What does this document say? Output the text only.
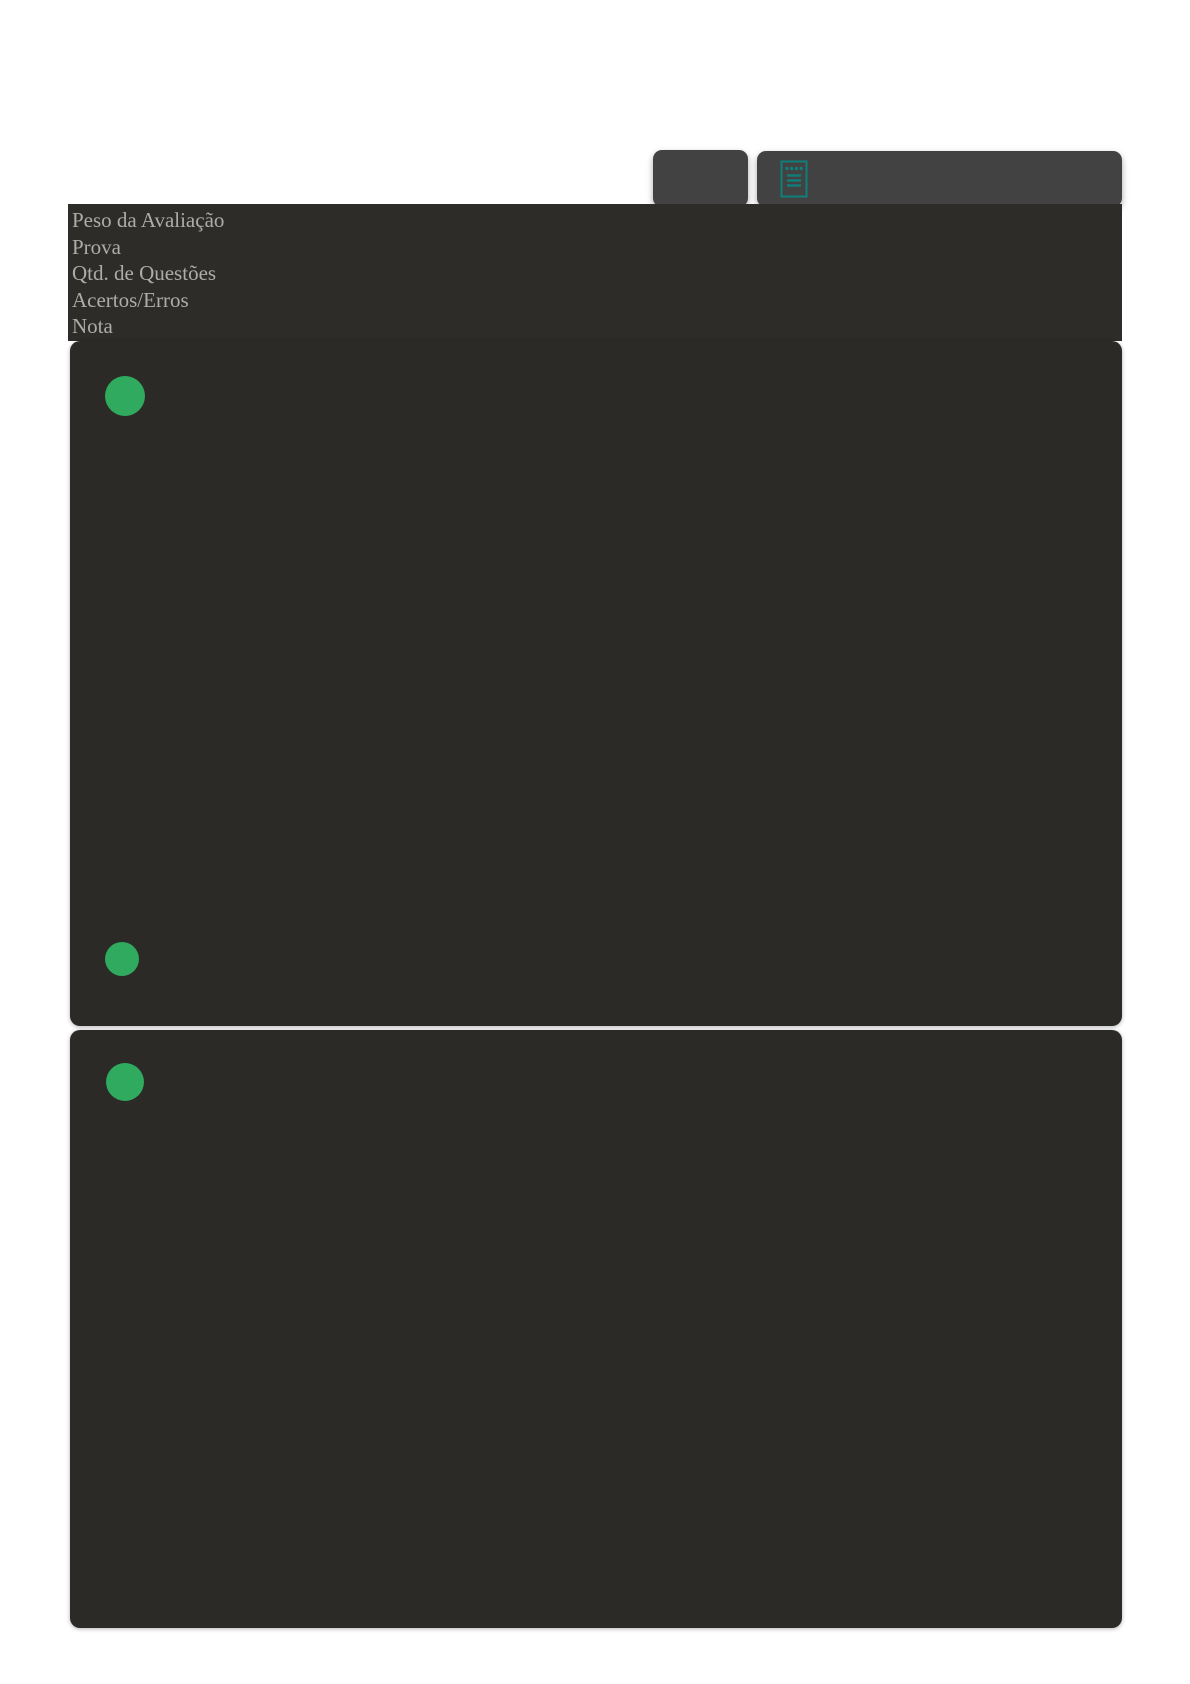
Peso da Avaliação
Prova
Qtd. de Questões
Acertos/Erros
Nota
